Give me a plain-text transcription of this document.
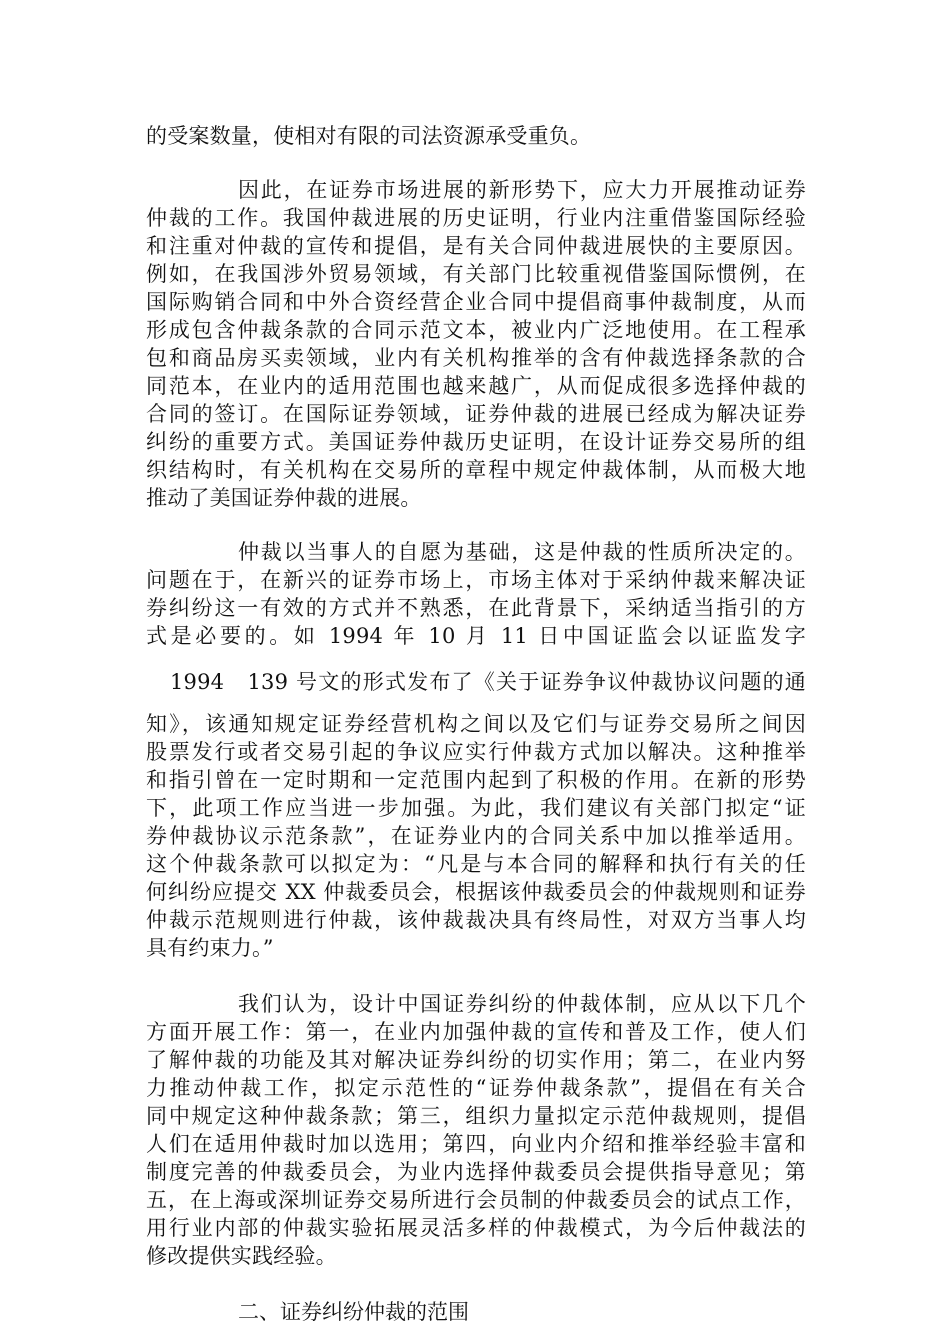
的受案数量，使相对有限的司法资源承受重负。
因此，在证券市场进展的新形势下，应大力开展推动证券
仲裁的工作。我国仲裁进展的历史证明，行业内注重借鉴国际经验
和注重对仲裁的宣传和提倡，是有关合同仲裁进展快的主要原因。
例如，在我国涉外贸易领域，有关部门比较重视借鉴国际惯例，在
国际购销合同和中外合资经营企业合同中提倡商事仲裁制度，从而
形成包含仲裁条款的合同示范文本，被业内广泛地使用。在工程承
包和商品房买卖领域，业内有关机构推举的含有仲裁选择条款的合
同范本，在业内的适用范围也越来越广，从而促成很多选择仲裁的
合同的签订。在国际证券领域，证券仲裁的进展已经成为解决证券
纠纷的重要方式。美国证券仲裁历史证明，在设计证券交易所的组
织结构时，有关机构在交易所的章程中规定仲裁体制，从而极大地
推动了美国证券仲裁的进展。
仲裁以当事人的自愿为基础，这是仲裁的性质所决定的。
问题在于，在新兴的证券市场上，市场主体对于采纳仲裁来解决证
券纠纷这一有效的方式并不熟悉，在此背景下，采纳适当指引的方
式是必要的。如 1994 年 10 月 11 日中国证监会以证监发字
1994　139 号文的形式发布了《关于证券争议仲裁协议问题的通
知》，该通知规定证券经营机构之间以及它们与证券交易所之间因
股票发行或者交易引起的争议应实行仲裁方式加以解决。这种推举
和指引曾在一定时期和一定范围内起到了积极的作用。在新的形势
下，此项工作应当进一步加强。为此，我们建议有关部门拟定“证
券仲裁协议示范条款”，在证券业内的合同关系中加以推举适用。
这个仲裁条款可以拟定为：“凡是与本合同的解释和执行有关的任
何纠纷应提交 XX 仲裁委员会，根据该仲裁委员会的仲裁规则和证券
仲裁示范规则进行仲裁，该仲裁裁决具有终局性，对双方当事人均
具有约束力。”
我们认为，设计中国证券纠纷的仲裁体制，应从以下几个
方面开展工作：第一，在业内加强仲裁的宣传和普及工作，使人们
了解仲裁的功能及其对解决证券纠纷的切实作用；第二，在业内努
力推动仲裁工作，拟定示范性的“证券仲裁条款”，提倡在有关合
同中规定这种仲裁条款；第三，组织力量拟定示范仲裁规则，提倡
人们在适用仲裁时加以选用；第四，向业内介绍和推举经验丰富和
制度完善的仲裁委员会，为业内选择仲裁委员会提供指导意见；第
五，在上海或深圳证券交易所进行会员制的仲裁委员会的试点工作，
用行业内部的仲裁实验拓展灵活多样的仲裁模式，为今后仲裁法的
修改提供实践经验。
二、证券纠纷仲裁的范围
